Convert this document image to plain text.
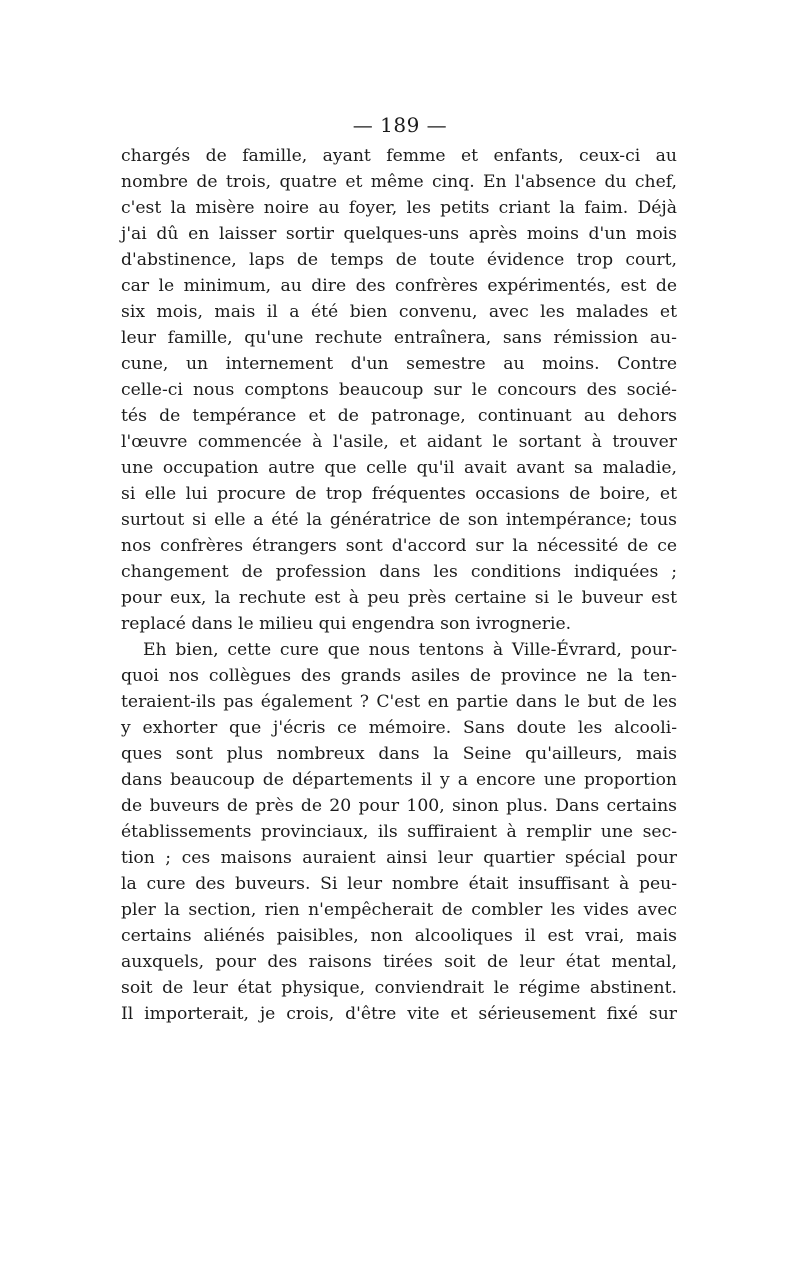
— 189 —
chargés de famille, ayant femme et enfants, ceux-ci au
nombre de trois, quatre et même cinq. En l'absence du chef,
c'est la misère noire au foyer, les petits criant la faim. Déjà
j'ai dû en laisser sortir quelques-uns après moins d'un mois
d'abstinence, laps de temps de toute évidence trop court,
car le minimum, au dire des confrères expérimentés, est de
six mois, mais il a été bien convenu, avec les malades et
leur famille, qu'une rechute entraînera, sans rémission au-
cune, un internement d'un semestre au moins. Contre
celle-ci nous comptons beaucoup sur le concours des socié-
tés de tempérance et de patronage, continuant au dehors
l'œuvre commencée à l'asile, et aidant le sortant à trouver
une occupation autre que celle qu'il avait avant sa maladie,
si elle lui procure de trop fréquentes occasions de boire, et
surtout si elle a été la génératrice de son intempérance; tous
nos confrères étrangers sont d'accord sur la nécessité de ce
changement de profession dans les conditions indiquées ;
pour eux, la rechute est à peu près certaine si le buveur est
replacé dans le milieu qui engendra son ivrognerie.
Eh bien, cette cure que nous tentons à Ville-Évrard, pour-
quoi nos collègues des grands asiles de province ne la ten-
teraient-ils pas également ? C'est en partie dans le but de les
y exhorter que j'écris ce mémoire. Sans doute les alcooli-
ques sont plus nombreux dans la Seine qu'ailleurs, mais
dans beaucoup de départements il y a encore une proportion
de buveurs de près de 20 pour 100, sinon plus. Dans certains
établissements provinciaux, ils suffiraient à remplir une sec-
tion ; ces maisons auraient ainsi leur quartier spécial pour
la cure des buveurs. Si leur nombre était insuffisant à peu-
pler la section, rien n'empêcherait de combler les vides avec
certains aliénés paisibles, non alcooliques il est vrai, mais
auxquels, pour des raisons tirées soit de leur état mental,
soit de leur état physique, conviendrait le régime abstinent.
Il importerait, je crois, d'être vite et sérieusement fixé sur
